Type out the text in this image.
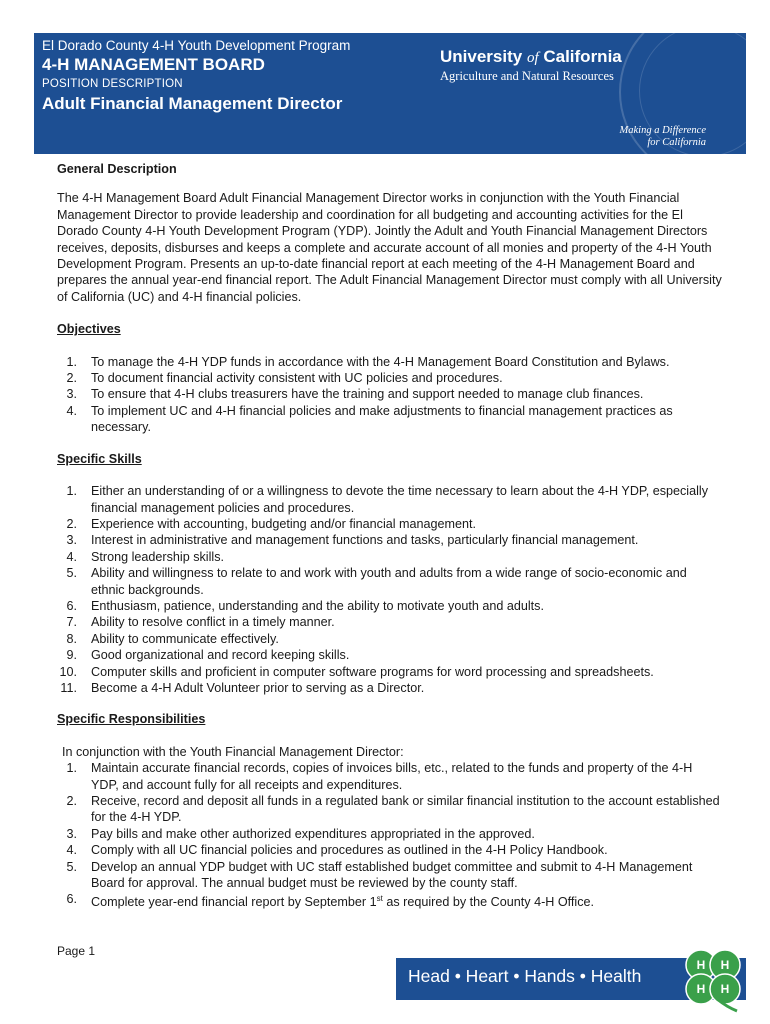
El Dorado County 4-H Youth Development Program
4-H MANAGEMENT BOARD
POSITION DESCRIPTION
Adult Financial Management Director
University of California
Agriculture and Natural Resources
Making a Difference
for California
General Description

The 4-H Management Board Adult Financial Management Director works in conjunction with the Youth Financial Management Director to provide leadership and coordination for all budgeting and accounting activities for the El Dorado County 4-H Youth Development Program (YDP). Jointly the Adult and Youth Financial Management Directors receives, deposits, disburses and keeps a complete and accurate account of all monies and property of the 4-H Youth Development Program. Presents an up-to-date financial report at each meeting of the 4-H Management Board and prepares the annual year-end financial report. The Adult Financial Management Director must comply with all University of California (UC) and 4-H financial policies.

Objectives
1. To manage the 4-H YDP funds in accordance with the 4-H Management Board Constitution and Bylaws.
2. To document financial activity consistent with UC policies and procedures.
3. To ensure that 4-H clubs treasurers have the training and support needed to manage club finances.
4. To implement UC and 4-H financial policies and make adjustments to financial management practices as necessary.
Specific Skills
1. Either an understanding of or a willingness to devote the time necessary to learn about the 4-H YDP, especially financial management policies and procedures.
2. Experience with accounting, budgeting and/or financial management.
3. Interest in administrative and management functions and tasks, particularly financial management.
4. Strong leadership skills.
5. Ability and willingness to relate to and work with youth and adults from a wide range of socio-economic and ethnic backgrounds.
6. Enthusiasm, patience, understanding and the ability to motivate youth and adults.
7. Ability to resolve conflict in a timely manner.
8. Ability to communicate effectively.
9. Good organizational and record keeping skills.
10. Computer skills and proficient in computer software programs for word processing and spreadsheets.
11. Become a 4-H Adult Volunteer prior to serving as a Director.
Specific Responsibilities

In conjunction with the Youth Financial Management Director:

1. Maintain accurate financial records, copies of invoices bills, etc., related to the funds and property of the 4-H YDP, and account fully for all receipts and expenditures.
2. Receive, record and deposit all funds in a regulated bank or similar financial institution to the account established for the 4-H YDP.
3. Pay bills and make other authorized expenditures appropriated in the approved.
4. Comply with all UC financial policies and procedures as outlined in the 4-H Policy Handbook.
5. Develop an annual YDP budget with UC staff established budget committee and submit to 4-H Management Board for approval. The annual budget must be reviewed by the county staff.
6. Complete year-end financial report by September 1st as required by the County 4-H Office.
Page 1
Head • Heart • Hands • Health
H H
H H
